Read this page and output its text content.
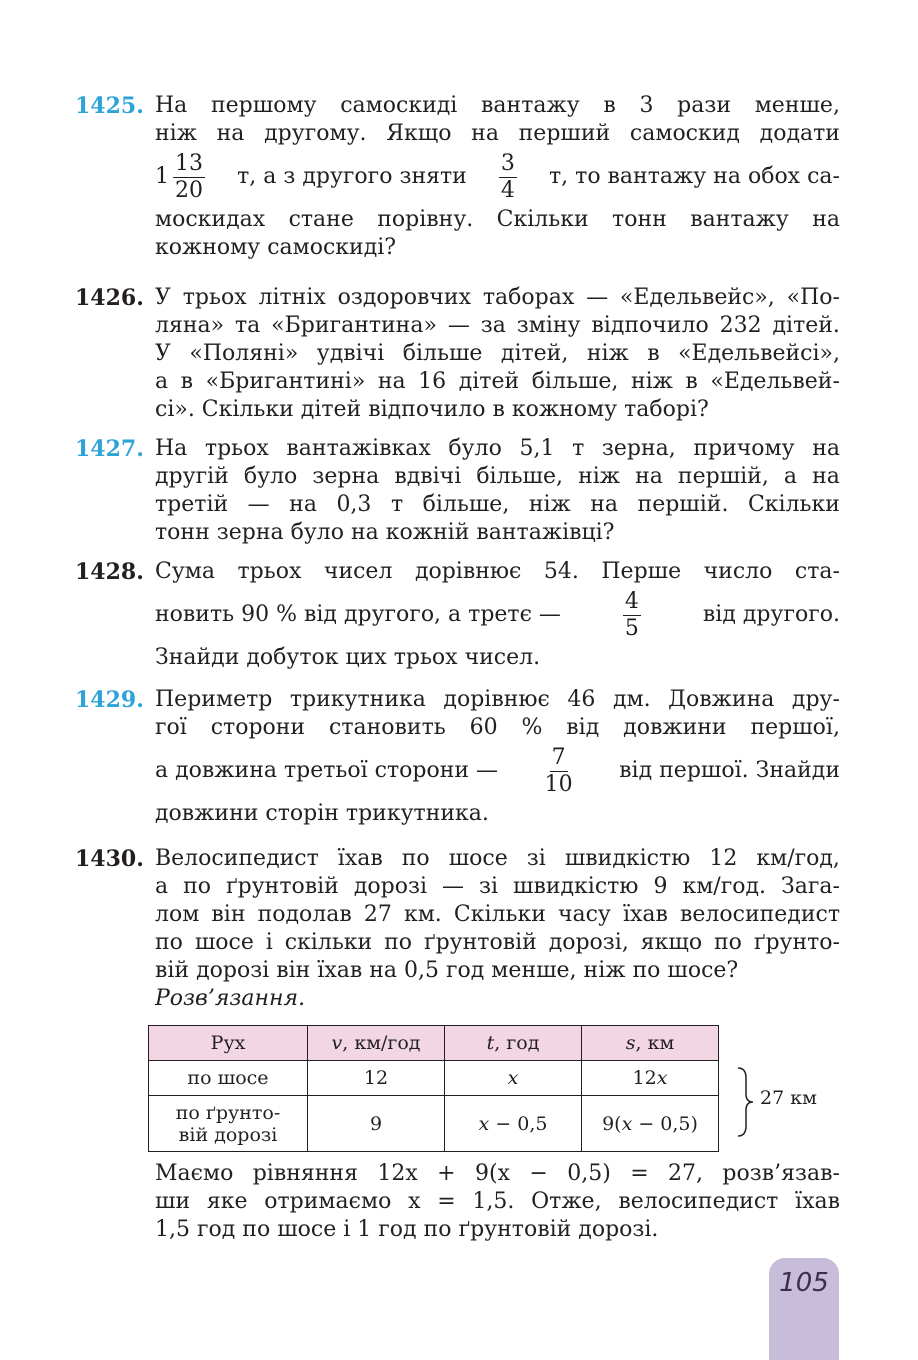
1425. На першому самоскиді вантажу в 3 рази менше,
ніж на другому. Якщо на перший самоскид додати
$1 \frac{13}{20} т$, а з другого зняти $\frac{3}{4} т$, то вантажу на обох са-
москидах стане порівну. Скільки тонн вантажу на
кожному самоскиді?
1426. У трьох літніх оздоровчих таборах — «Едельвейс», «По-
ляна» та «Бригантина» — за зміну відпочило 232 дітей.
У «Поляні» удвічі більше дітей, ніж в «Едельвейсі»,
а в «Бригантині» на 16 дітей більше, ніж в «Едельвей-
сі». Скільки дітей відпочило в кожному таборі?
1427. На трьох вантажівках було 5,1 т зерна, причому на
другій було зерна вдвічі більше, ніж на першій, а на
третій — на 0,3 т більше, ніж на першій. Скільки
тонн зерна було на кожній вантажівці?
1428. Сума трьох чисел дорівнює 54. Перше число ста-
новить 90 % від другого, а третє —	$\frac{4}{5}$	від другого.
Знайди добуток цих трьох чисел.
1429. Периметр трикутника дорівнює 46 дм. Довжина дру-
гої сторони становить 60 % від довжини першої,
а довжина третьої сторони — $\frac{7}{10}$ від першої. Знайди
довжини сторін трикутника.
1430. Велосипедист їхав по шосе зі швидкістю 12 км/год,
а по ґрунтовій дорозі — зі швидкістю 9 км/год. Зага-
лом він подолав 27 км. Скільки часу їхав велосипедист
по шосе і скільки по ґрунтовій дорозі, якщо по ґрунто-
вій дорозі він їхав на 0,5 год менше, ніж по шосе?
Розв’язання.
Рух	v, км/год	t, год	s, км
по шосе	12	x	12x
по ґрунто-
вій дорозі	9	x − 0,5	9(x − 0,5)
27 км
Маємо рівняння 12x + 9(x − 0,5) = 27, розв’язав-
ши яке отримаємо x = 1,5. Отже, велосипедист їхав
1,5 год по шосе і 1 год по ґрунтовій дорозі.
105
